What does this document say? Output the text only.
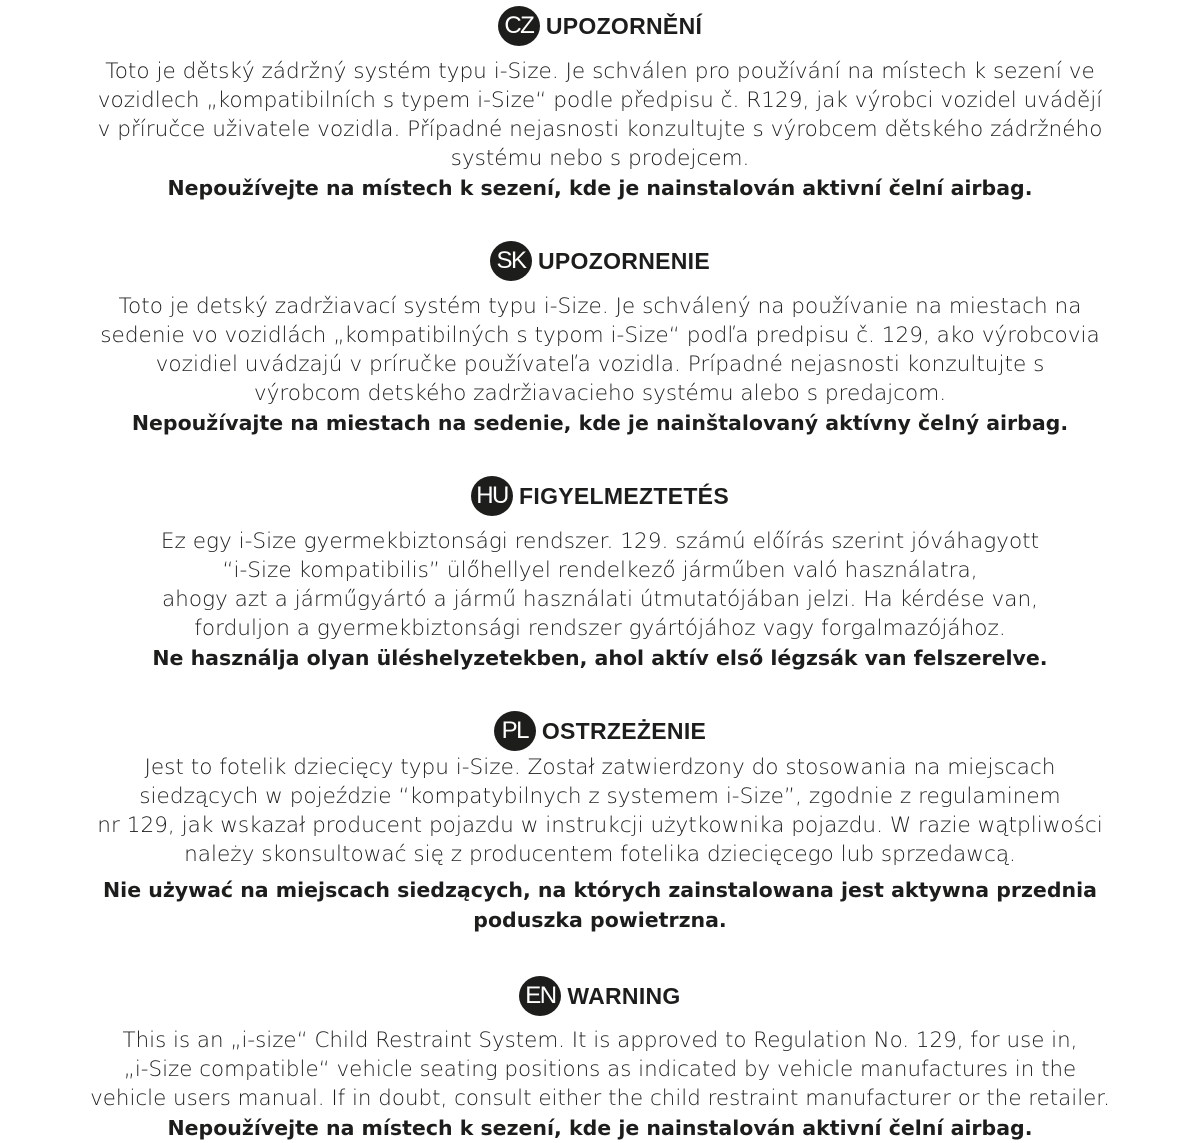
CZ UPOZORNĚNÍ

Toto je dětský zádržný systém typu i-Size. Je schválen pro používání na místech k sezení ve
vozidlech „kompatibilních s typem i-Size“ podle předpisu č. R129, jak výrobci vozidel uvádějí
v příručce uživatele vozidla. Případné nejasnosti konzultujte s výrobcem dětského zádržného
systému nebo s prodejcem.
Nepoužívejte na místech k sezení, kde je nainstalován aktivní čelní airbag.

SK UPOZORNENIE

Toto je detský zadržiavací systém typu i-Size. Je schválený na používanie na miestach na
sedenie vo vozidlách „kompatibilných s typom i-Size“ podľa predpisu č. 129, ako výrobcovia
vozidiel uvádzajú v príručke používateľa vozidla. Prípadné nejasnosti konzultujte s
výrobcom detského zadržiavacieho systému alebo s predajcom.
Nepoužívajte na miestach na sedenie, kde je nainštalovaný aktívny čelný airbag.

HU FIGYELMEZTETÉS

Ez egy i-Size gyermekbiztonsági rendszer. 129. számú előírás szerint jóváhagyott
“i-Size kompatibilis” ülőhellyel rendelkező járműben való használatra,
ahogy azt a járműgyártó a jármű használati útmutatójában jelzi. Ha kérdése van,
forduljon a gyermekbiztonsági rendszer gyártójához vagy forgalmazójához.
Ne használja olyan üléshelyzetekben, ahol aktív első légzsák van felszerelve.

PL OSTRZEŻENIE

Jest to fotelik dziecięcy typu i-Size. Został zatwierdzony do stosowania na miejscach
siedzących w pojeździe “kompatybilnych z systemem i-Size”, zgodnie z regulaminem
nr 129, jak wskazał producent pojazdu w instrukcji użytkownika pojazdu. W razie wątpliwości
należy skonsultować się z producentem fotelika dziecięcego lub sprzedawcą.
Nie używać na miejscach siedzących, na których zainstalowana jest aktywna przednia
poduszka powietrzna.

EN WARNING

This is an „i-size“ Child Restraint System. It is approved to Regulation No. 129, for use in,
„i-Size compatible“ vehicle seating positions as indicated by vehicle manufactures in the
vehicle users manual. If in doubt, consult either the child restraint manufacturer or the retailer.
Nepoužívejte na místech k sezení, kde je nainstalován aktivní čelní airbag.
